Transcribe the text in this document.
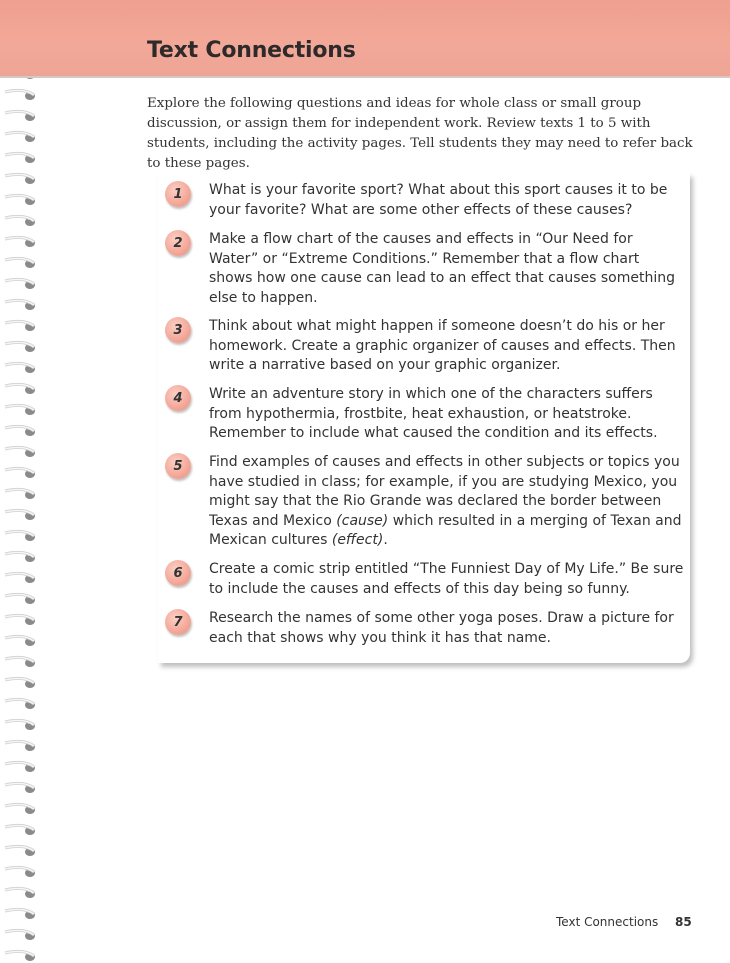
Text Connections
Explore the following questions and ideas for whole class or small group discussion, or assign them for independent work. Review texts 1 to 5 with students, including the activity pages. Tell students they may need to refer back to these pages.
1	What is your favorite sport? What about this sport causes it to be your favorite? What are some other effects of these causes?
2	Make a flow chart of the causes and effects in “Our Need for Water” or “Extreme Conditions.” Remember that a flow chart shows how one cause can lead to an effect that causes something else to happen.
3	Think about what might happen if someone doesn’t do his or her homework. Create a graphic organizer of causes and effects. Then write a narrative based on your graphic organizer.
4	Write an adventure story in which one of the characters suffers from hypothermia, frostbite, heat exhaustion, or heatstroke. Remember to include what caused the condition and its effects.
5	Find examples of causes and effects in other subjects or topics you have studied in class; for example, if you are studying Mexico, you might say that the Rio Grande was declared the border between Texas and Mexico (cause) which resulted in a merging of Texan and Mexican cultures (effect).
6	Create a comic strip entitled “The Funniest Day of My Life.” Be sure to include the causes and effects of this day being so funny.
7	Research the names of some other yoga poses. Draw a picture for each that shows why you think it has that name.
Text Connections 85
